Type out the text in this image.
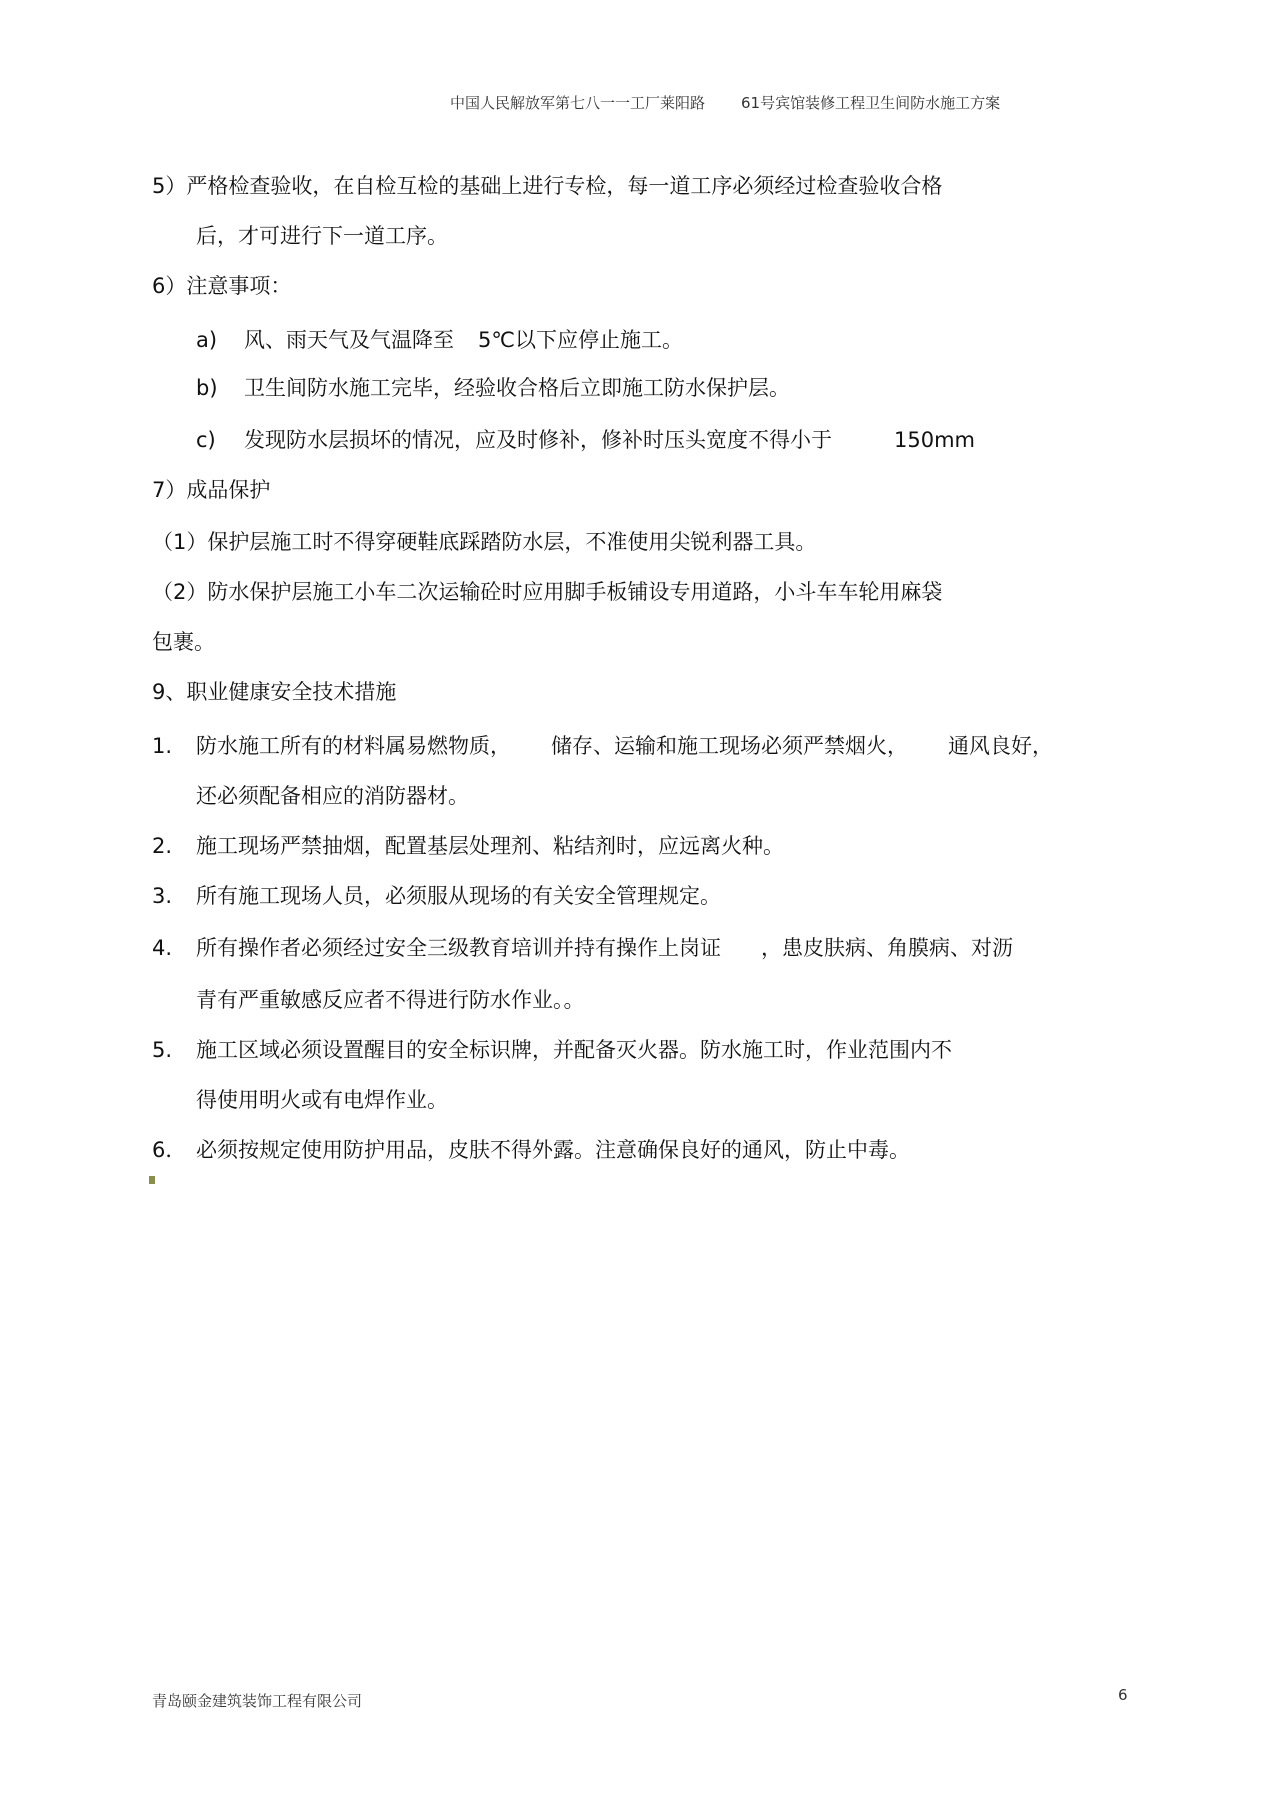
中国人民解放军第七八一一工厂莱阳路 61号宾馆装修工程卫生间防水施工方案
5）严格检查验收，在自检互检的基础上进行专检，每一道工序必须经过检查验收合格
后，才可进行下一道工序。
6）注意事项：
a) 风、雨天气及气温降至 5℃以下应停止施工。
b) 卫生间防水施工完毕，经验收合格后立即施工防水保护层。
c) 发现防水层损坏的情况，应及时修补，修补时压头宽度不得小于	150mm
7）成品保护
（1）保护层施工时不得穿硬鞋底踩踏防水层，不准使用尖锐利器工具。
（2）防水保护层施工小车二次运输砼时应用脚手板铺设专用道路，小斗车车轮用麻袋
包裹。
9、职业健康安全技术措施
1. 防水施工所有的材料属易燃物质， 储存、运输和施工现场必须严禁烟火， 通风良好，
还必须配备相应的消防器材。
2. 施工现场严禁抽烟，配置基层处理剂、粘结剂时，应远离火种。
3. 所有施工现场人员，必须服从现场的有关安全管理规定。
4. 所有操作者必须经过安全三级教育培训并持有操作上岗证 ，患皮肤病、角膜病、对沥
青有严重敏感反应者不得进行防水作业。。
5. 施工区域必须设置醒目的安全标识牌，并配备灭火器。防水施工时，作业范围内不
得使用明火或有电焊作业。
6． 必须按规定使用防护用品，皮肤不得外露。注意确保良好的通风，防止中毒。
青岛颐金建筑装饰工程有限公司	6
